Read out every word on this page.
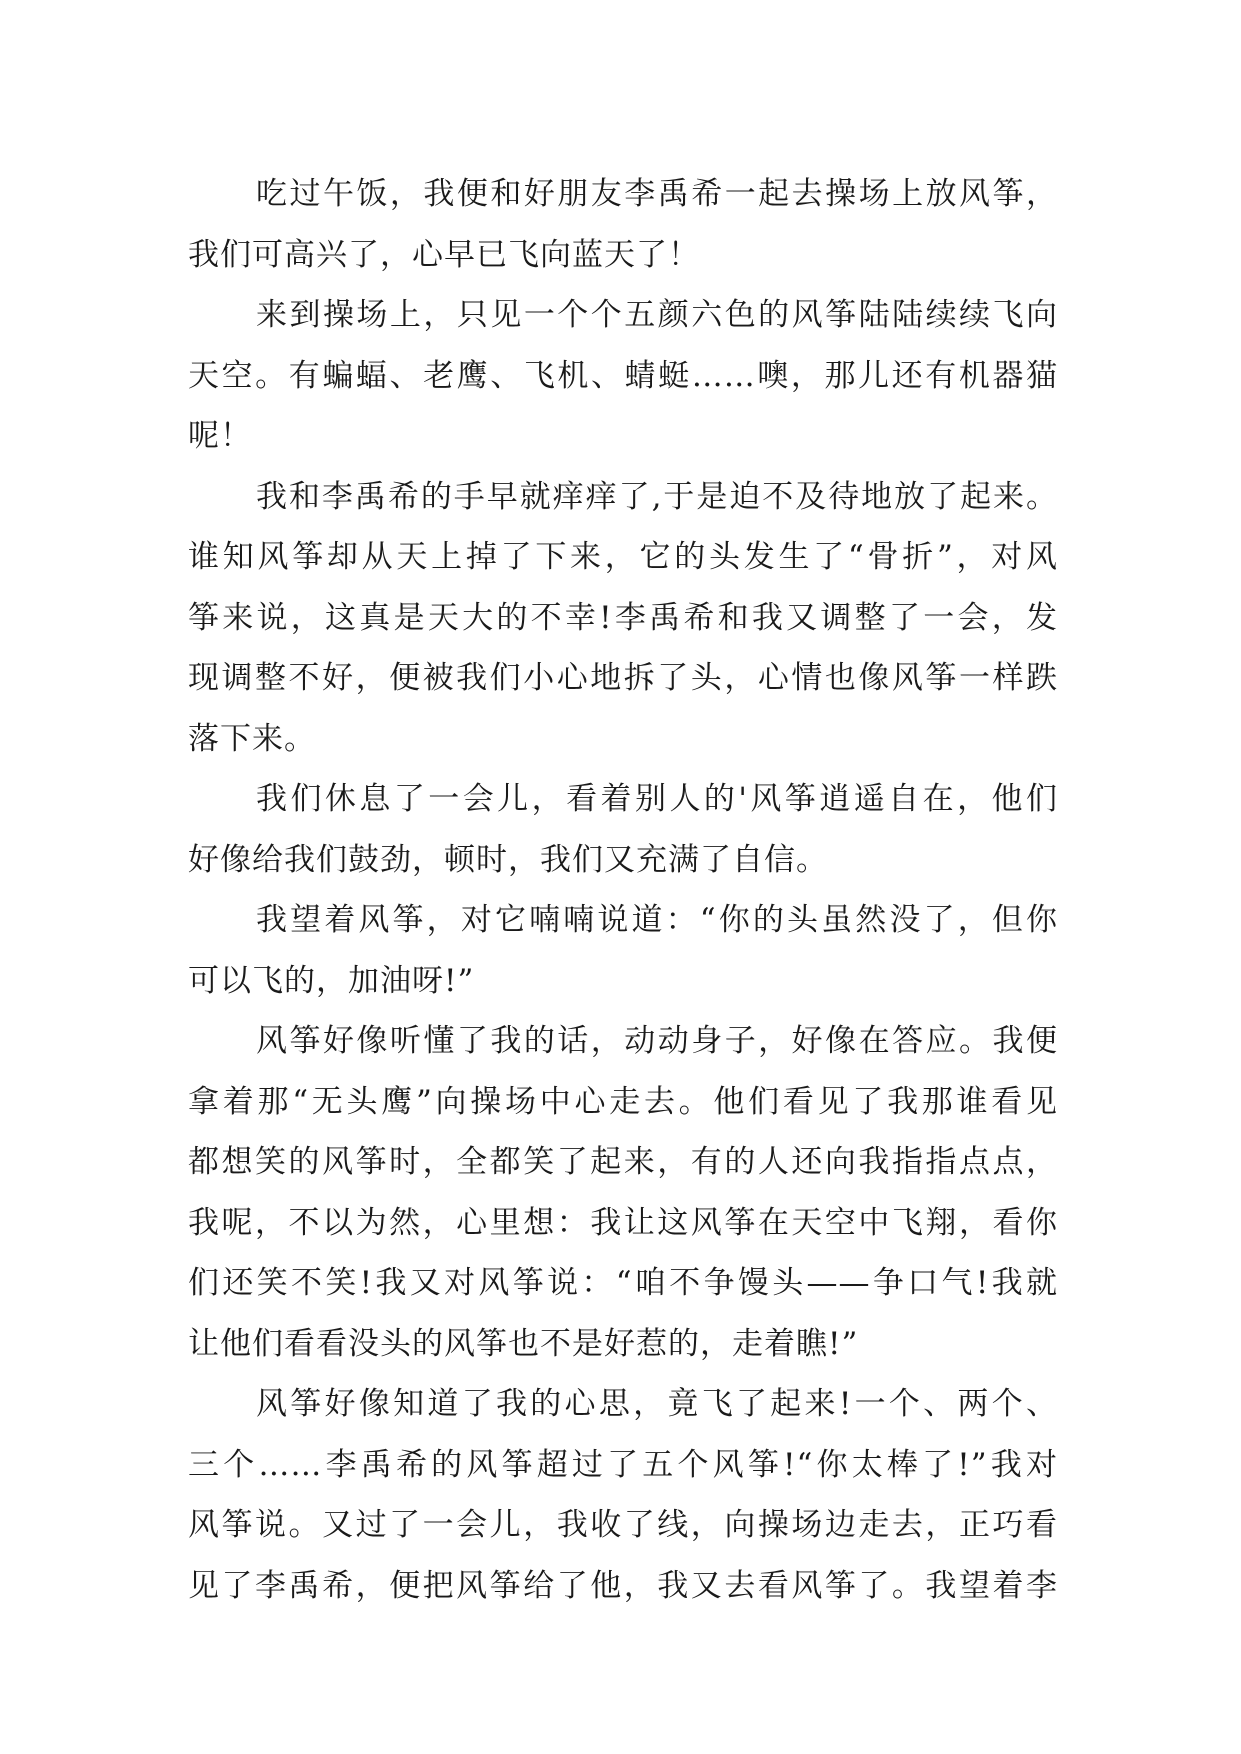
吃过午饭，我便和好朋友李禹希一起去操场上放风筝，
我们可高兴了，心早已飞向蓝天了！
来到操场上，只见一个个五颜六色的风筝陆陆续续飞向
天空。有蝙蝠、老鹰、飞机、蜻蜓……噢，那儿还有机器猫
呢！
我和李禹希的手早就痒痒了,于是迫不及待地放了起来。
谁知风筝却从天上掉了下来，它的头发生了“骨折”，对风
筝来说，这真是天大的不幸!李禹希和我又调整了一会，发
现调整不好，便被我们小心地拆了头，心情也像风筝一样跌
落下来。
我们休息了一会儿，看着别人的'风筝逍遥自在，他们
好像给我们鼓劲，顿时，我们又充满了自信。
我望着风筝，对它喃喃说道：“你的头虽然没了，但你
可以飞的，加油呀!”
风筝好像听懂了我的话，动动身子，好像在答应。我便
拿着那“无头鹰”向操场中心走去。他们看见了我那谁看见
都想笑的风筝时，全都笑了起来，有的人还向我指指点点，
我呢，不以为然，心里想：我让这风筝在天空中飞翔，看你
们还笑不笑!我又对风筝说：“咱不争馒头——争口气!我就
让他们看看没头的风筝也不是好惹的，走着瞧!”
风筝好像知道了我的心思，竟飞了起来!一个、两个、
三个……李禹希的风筝超过了五个风筝!“你太棒了!”我对
风筝说。又过了一会儿，我收了线，向操场边走去，正巧看
见了李禹希，便把风筝给了他，我又去看风筝了。我望着李
